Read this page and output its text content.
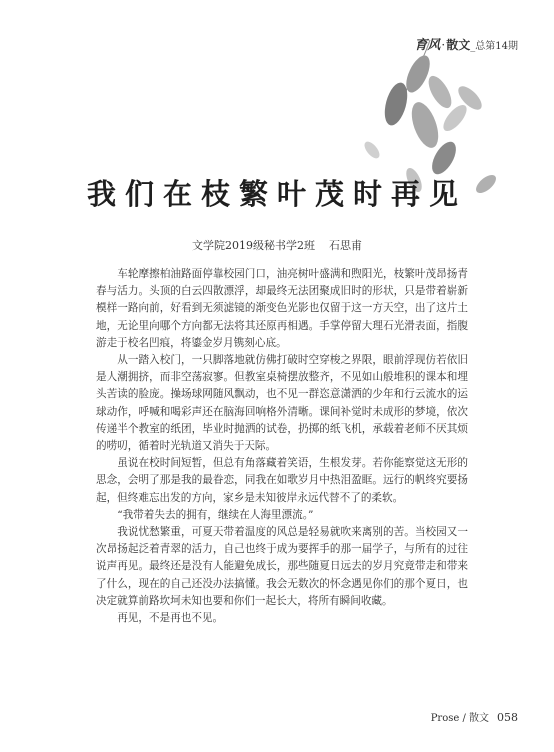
育风·散文_总第14期
我们在枝繁叶茂时再见
文学院2019级秘书学2班 石思甫

车轮摩擦柏油路面停靠校园门口，油亮树叶盛满和煦阳光，枝繁叶茂昂扬青春与活力。头顶的白云四散漂浮，却最终无法团聚成旧时的形状，只是带着崭新模样一路向前，好看到无须滤镜的渐变色光影也仅留于这一方天空，出了这片土地，无论里向哪个方向都无法将其还原再相遇。手掌停留大理石光滑表面，指腹游走于校名凹痕，将鎏金岁月镌刻心底。

从一踏入校门，一只脚落地就仿佛打破时空穿梭之界限，眼前浮现仿若依旧是人潮拥挤，而非空荡寂寥。但教室桌椅摆放整齐，不见如山般堆积的课本和埋头苦读的脸庞。操场球网随风飘动，也不见一群恣意潇洒的少年和行云流水的运球动作，呼喊和喝彩声还在脑海回响格外清晰。课间补觉时未成形的梦境，依次传递半个教室的纸团，毕业时抛洒的试卷，扔掷的纸飞机，承载着老师不厌其烦的唠叨，循着时光轨道又消失于天际。

虽说在校时间短暂，但总有角落藏着笑语，生根发芽。若你能察觉这无形的思念，会明了那是我的最眷恋，同我在如歌岁月中热泪盈眶。远行的帆终究要扬起，但终难忘出发的方向，家乡是未知彼岸永远代替不了的柔软。

“我带着失去的拥有，继续在人海里漂流。”

我说忧愁繁重，可夏天带着温度的风总是轻易就吹来离别的苦。当校园又一次昂扬起泛着青翠的活力，自己也终于成为要挥手的那一届学子，与所有的过往说声再见。最终还是没有人能避免成长，那些随夏日远去的岁月究竟带走和带来了什么，现在的自己还没办法搞懂。我会无数次的怀念遇见你们的那个夏日，也决定就算前路坎坷未知也要和你们一起长大，将所有瞬间收藏。

再见，不是再也不见。

Prose / 散文 058
